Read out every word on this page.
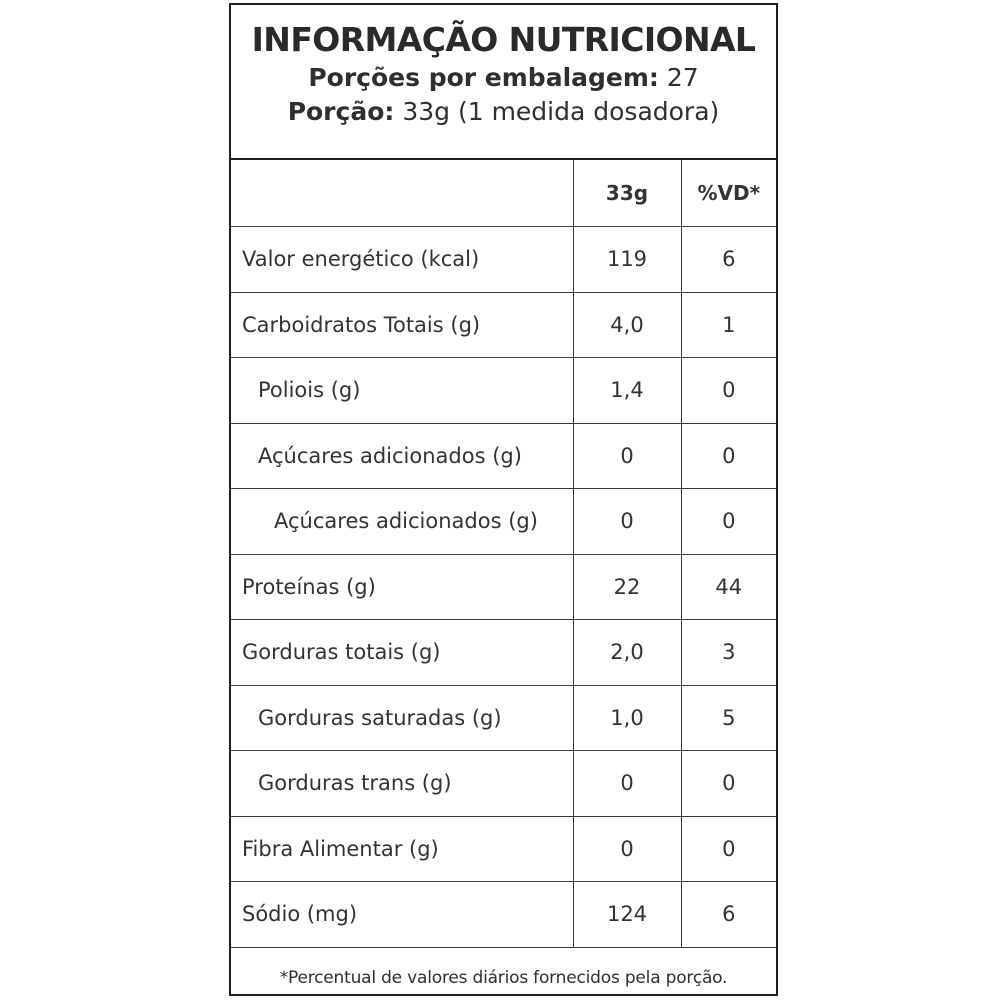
INFORMAÇÃO NUTRICIONAL
Porções por embalagem: 27
Porção: 33g (1 medida dosadora)
	33g	%VD*
Valor energético (kcal)	119	6
Carboidratos Totais (g)	4,0	1
Poliois (g)	1,4	0
Açúcares adicionados (g)	0	0
Açúcares adicionados (g)	0	0
Proteínas (g)	22	44
Gorduras totais (g)	2,0	3
Gorduras saturadas (g)	1,0	5
Gorduras trans (g)	0	0
Fibra Alimentar (g)	0	0
Sódio (mg)	124	6
*Percentual de valores diários fornecidos pela porção.
